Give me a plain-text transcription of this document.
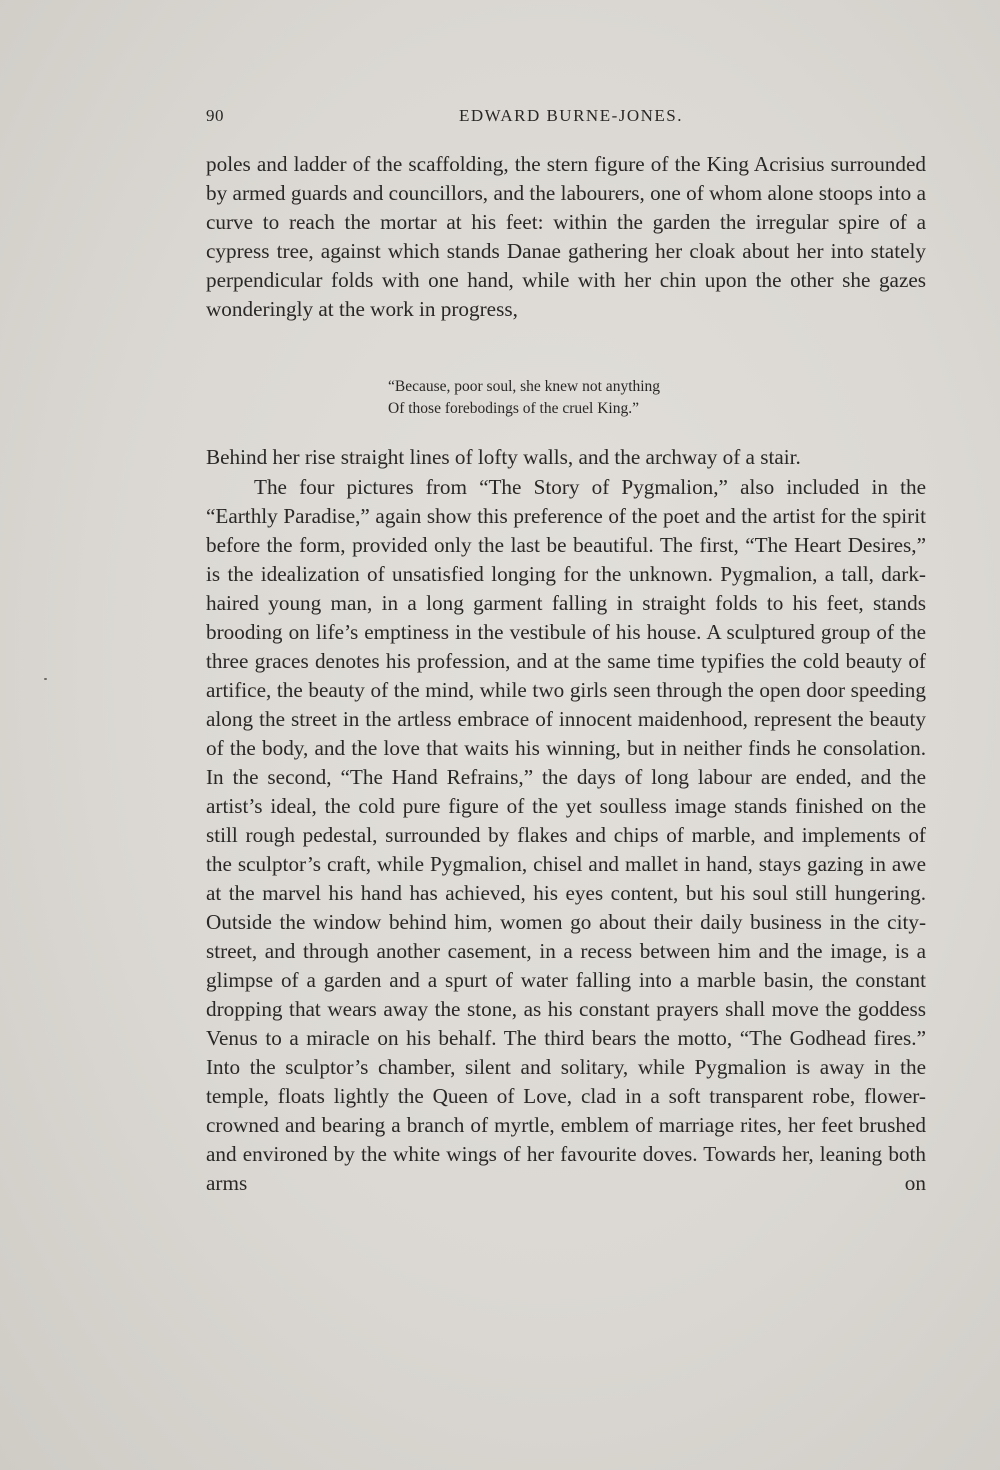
90	EDWARD BURNE-JONES.
poles and ladder of the scaffolding, the stern figure of the King Acrisius surrounded by armed guards and councillors, and the labourers, one of whom alone stoops into a curve to reach the mortar at his feet: within the garden the irregular spire of a cypress tree, against which stands Danae gathering her cloak about her into stately perpendicular folds with one hand, while with her chin upon the other she gazes wonderingly at the work in progress,
“Because, poor soul, she knew not anything
Of those forebodings of the cruel King.”
Behind her rise straight lines of lofty walls, and the archway of a stair.
The four pictures from “The Story of Pygmalion,” also included in the “Earthly Paradise,” again show this preference of the poet and the artist for the spirit before the form, provided only the last be beautiful. The first, “The Heart Desires,” is the idealization of unsatisfied longing for the unknown. Pygmalion, a tall, dark-haired young man, in a long garment falling in straight folds to his feet, stands brooding on life’s emptiness in the vestibule of his house. A sculptured group of the three graces denotes his profession, and at the same time typifies the cold beauty of artifice, the beauty of the mind, while two girls seen through the open door speeding along the street in the artless embrace of innocent maidenhood, represent the beauty of the body, and the love that waits his winning, but in neither finds he consolation. In the second, “The Hand Refrains,” the days of long labour are ended, and the artist’s ideal, the cold pure figure of the yet soulless image stands finished on the still rough pedestal, surrounded by flakes and chips of marble, and implements of the sculptor’s craft, while Pygmalion, chisel and mallet in hand, stays gazing in awe at the marvel his hand has achieved, his eyes content, but his soul still hungering. Outside the window behind him, women go about their daily business in the city-street, and through another casement, in a recess between him and the image, is a glimpse of a garden and a spurt of water falling into a marble basin, the constant dropping that wears away the stone, as his constant prayers shall move the goddess Venus to a miracle on his behalf. The third bears the motto, “The Godhead fires.” Into the sculptor’s chamber, silent and solitary, while Pygmalion is away in the temple, floats lightly the Queen of Love, clad in a soft transparent robe, flower-crowned and bearing a branch of myrtle, emblem of marriage rites, her feet brushed and environed by the white wings of her favourite doves. Towards her, leaning both arms on
